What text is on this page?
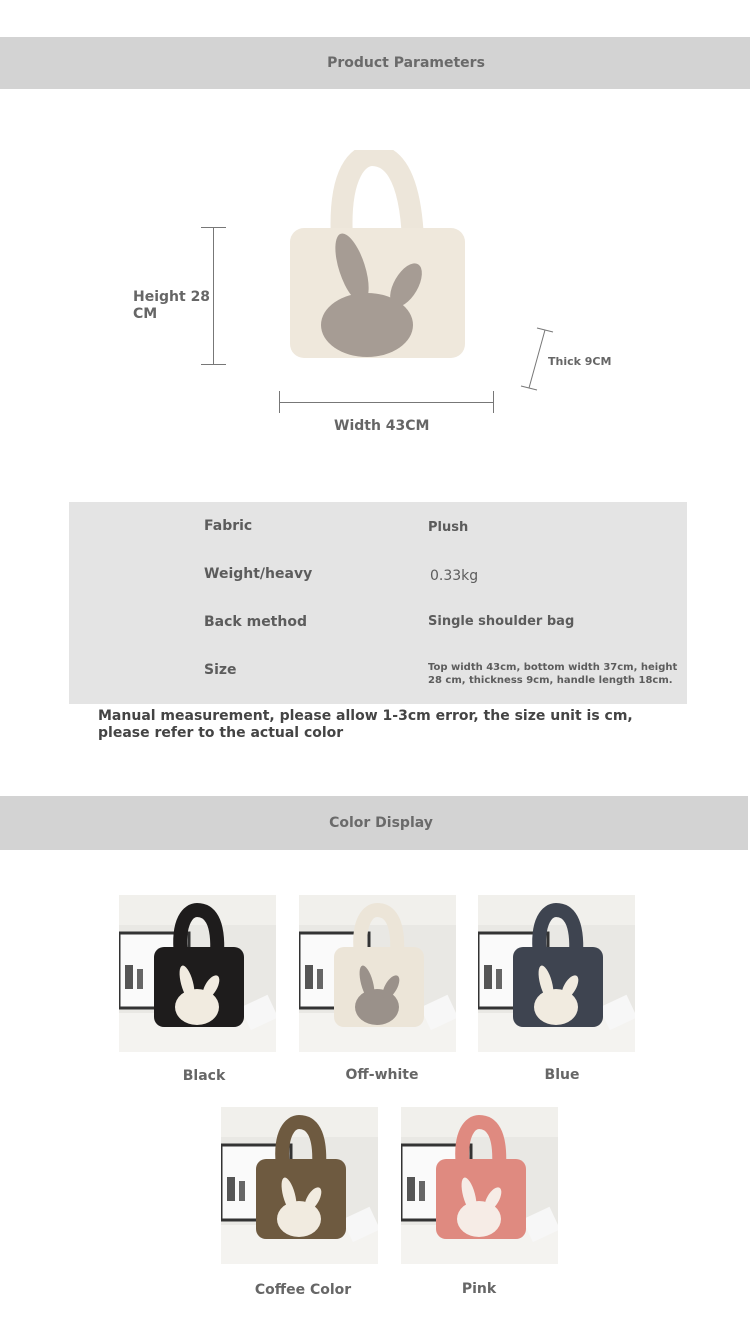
Product Parameters
Height 28 CM
Width 43CM
Thick 9CM
Fabric	Plush
Weight/heavy	0.33kg
Back method	Single shoulder bag
Size	Top width 43cm, bottom width 37cm, height 28 cm, thickness 9cm, handle length 18cm.
Manual measurement, please allow 1-3cm error, the size unit is cm, please refer to the actual color
Color Display
Black	Off-white	Blue
Coffee Color	Pink
